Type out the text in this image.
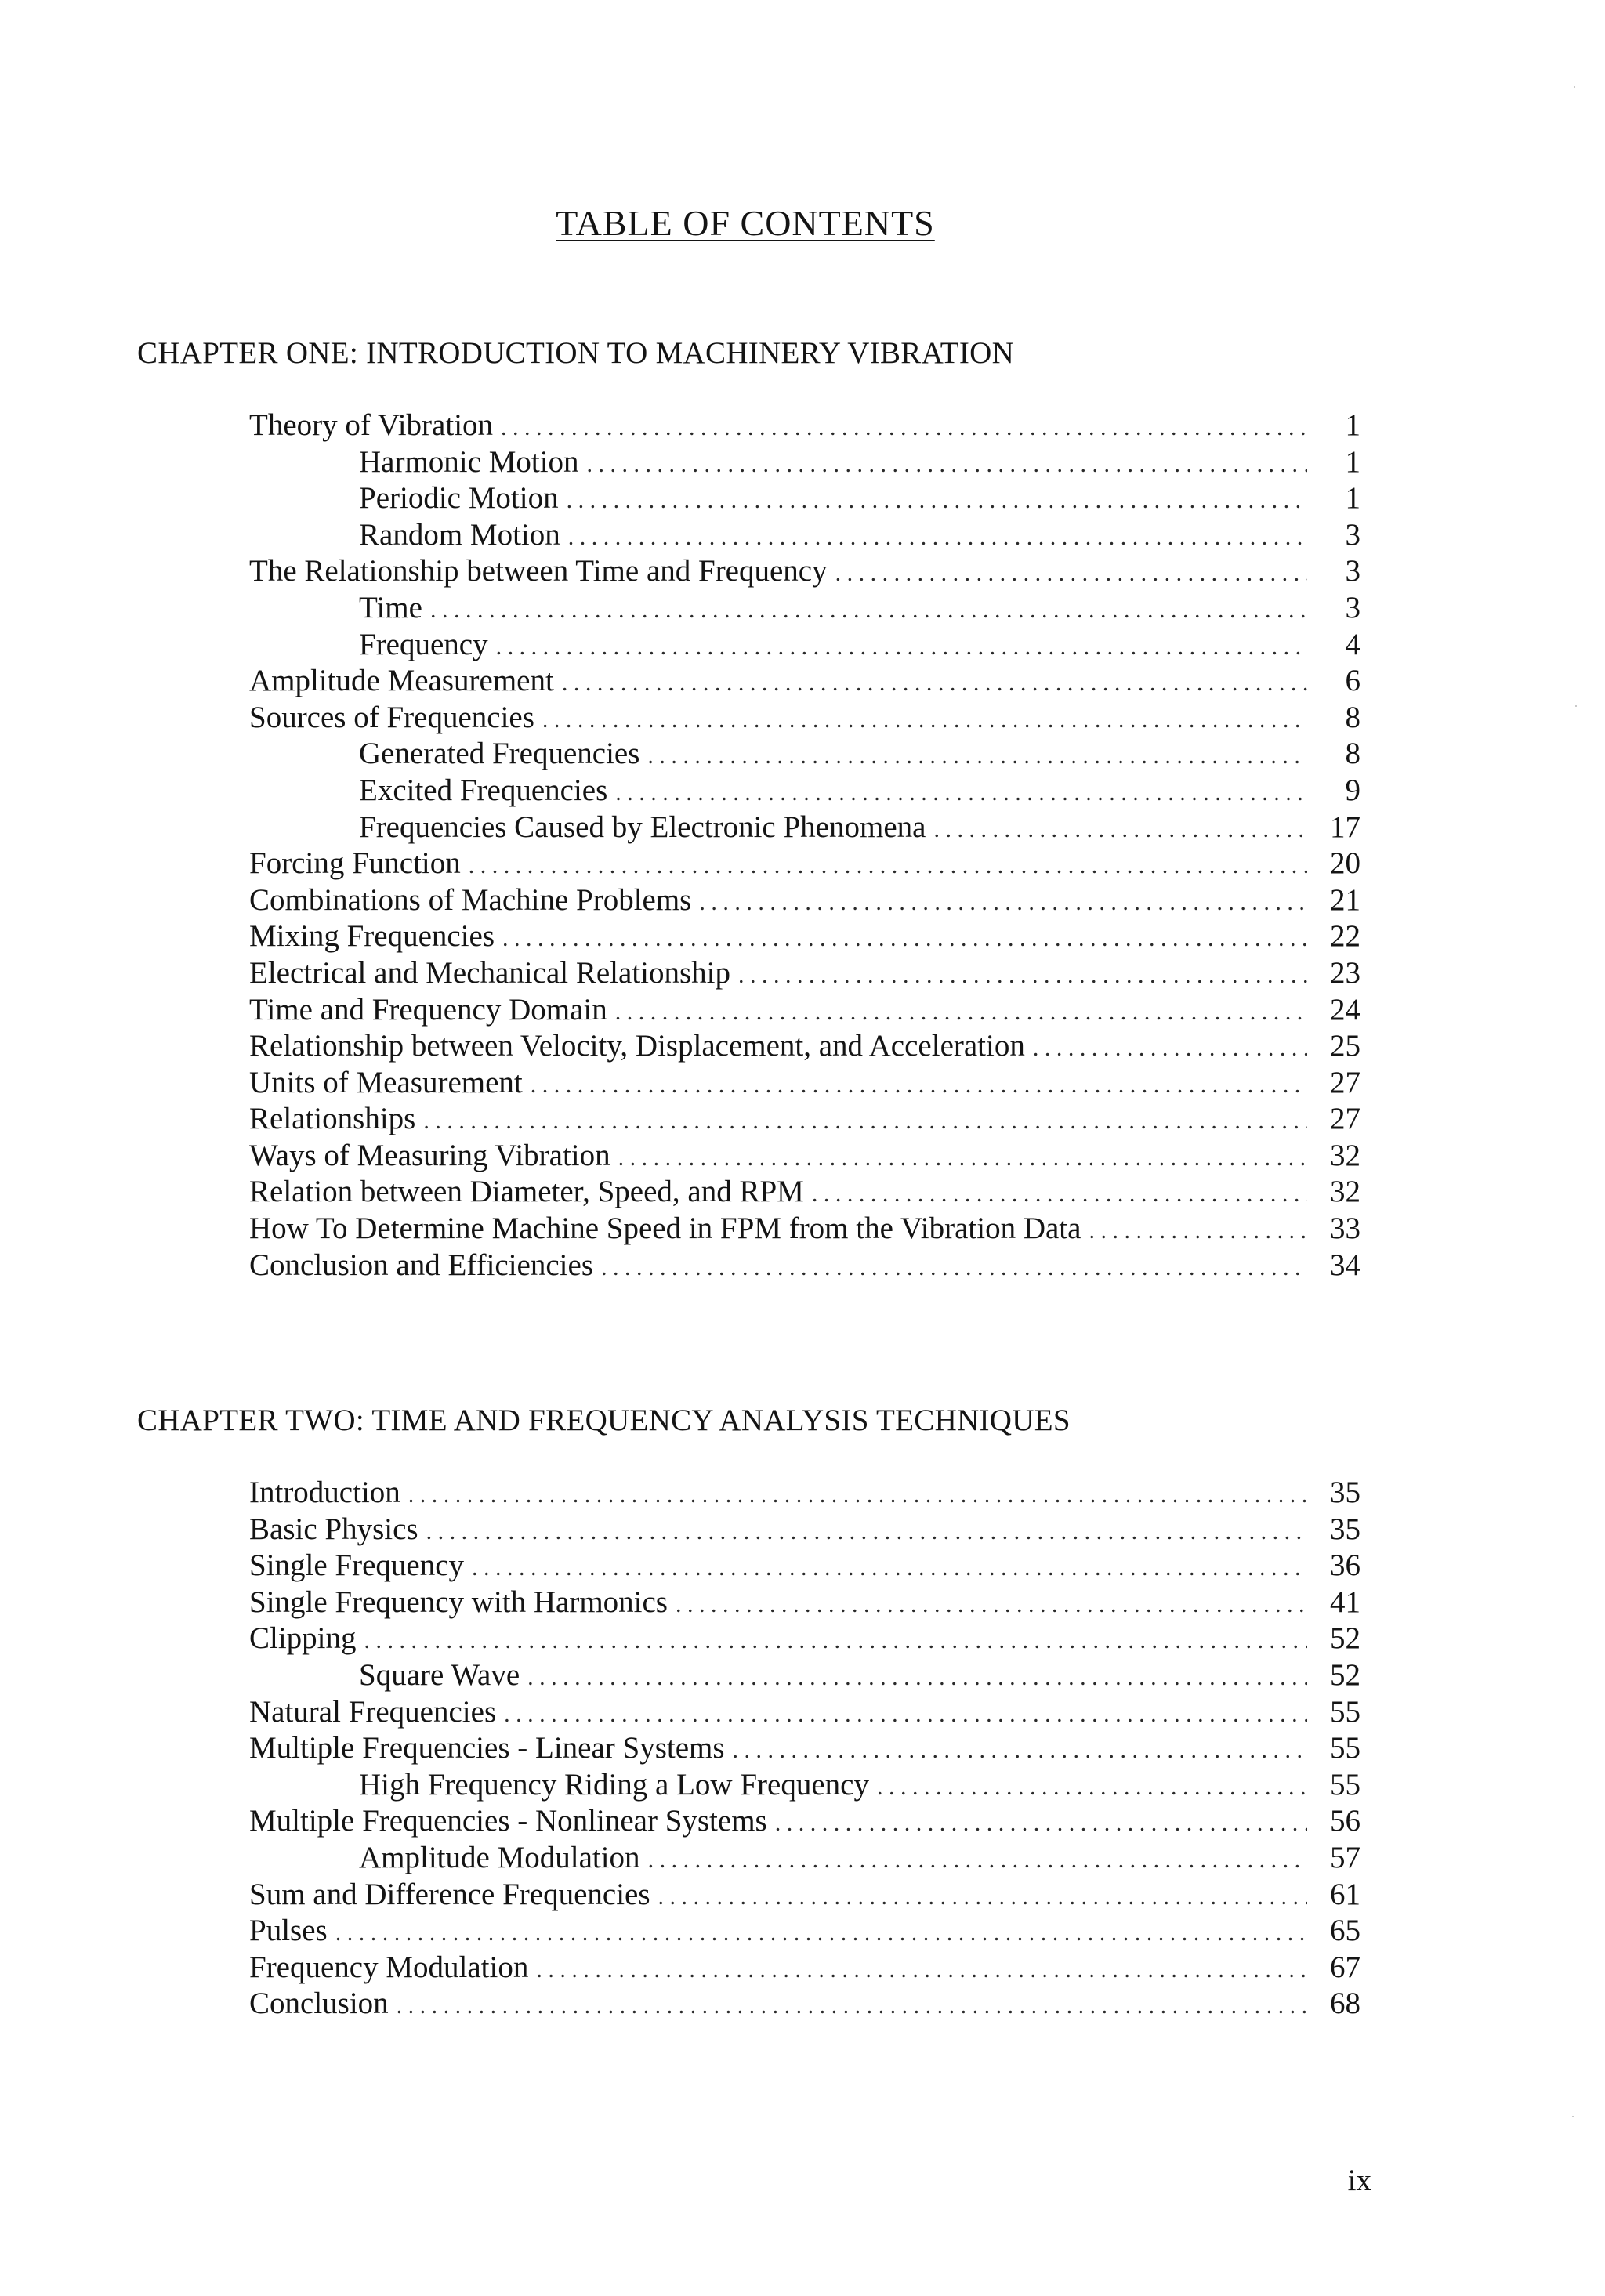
TABLE OF CONTENTS
CHAPTER ONE: INTRODUCTION TO MACHINERY VIBRATION
Theory of Vibration . . .	1
Harmonic Motion . . .	1
Periodic Motion . . .	1
Random Motion . . .	3
The Relationship between Time and Frequency . . .	3
Time . . .	3
Frequency . . .	4
Amplitude Measurement . . .	6
Sources of Frequencies . . .	8
Generated Frequencies . . .	8
Excited Frequencies . . .	9
Frequencies Caused by Electronic Phenomena . . .	17
Forcing Function . . .	20
Combinations of Machine Problems . . .	21
Mixing Frequencies . . .	22
Electrical and Mechanical Relationship . . .	23
Time and Frequency Domain . . .	24
Relationship between Velocity, Displacement, and Acceleration . . .	25
Units of Measurement . . .	27
Relationships . . .	27
Ways of Measuring Vibration . . .	32
Relation between Diameter, Speed, and RPM . . .	32
How To Determine Machine Speed in FPM from the Vibration Data . . .	33
Conclusion and Efficiencies . . .	34
CHAPTER TWO: TIME AND FREQUENCY ANALYSIS TECHNIQUES
Introduction . . .	35
Basic Physics . . .	35
Single Frequency . . .	36
Single Frequency with Harmonics . . .	41
Clipping . . .	52
Square Wave . . .	52
Natural Frequencies . . .	55
Multiple Frequencies - Linear Systems . . .	55
High Frequency Riding a Low Frequency . . .	55
Multiple Frequencies - Nonlinear Systems . . .	56
Amplitude Modulation . . .	57
Sum and Difference Frequencies . . .	61
Pulses . . .	65
Frequency Modulation . . .	67
Conclusion . . .	68
ix
